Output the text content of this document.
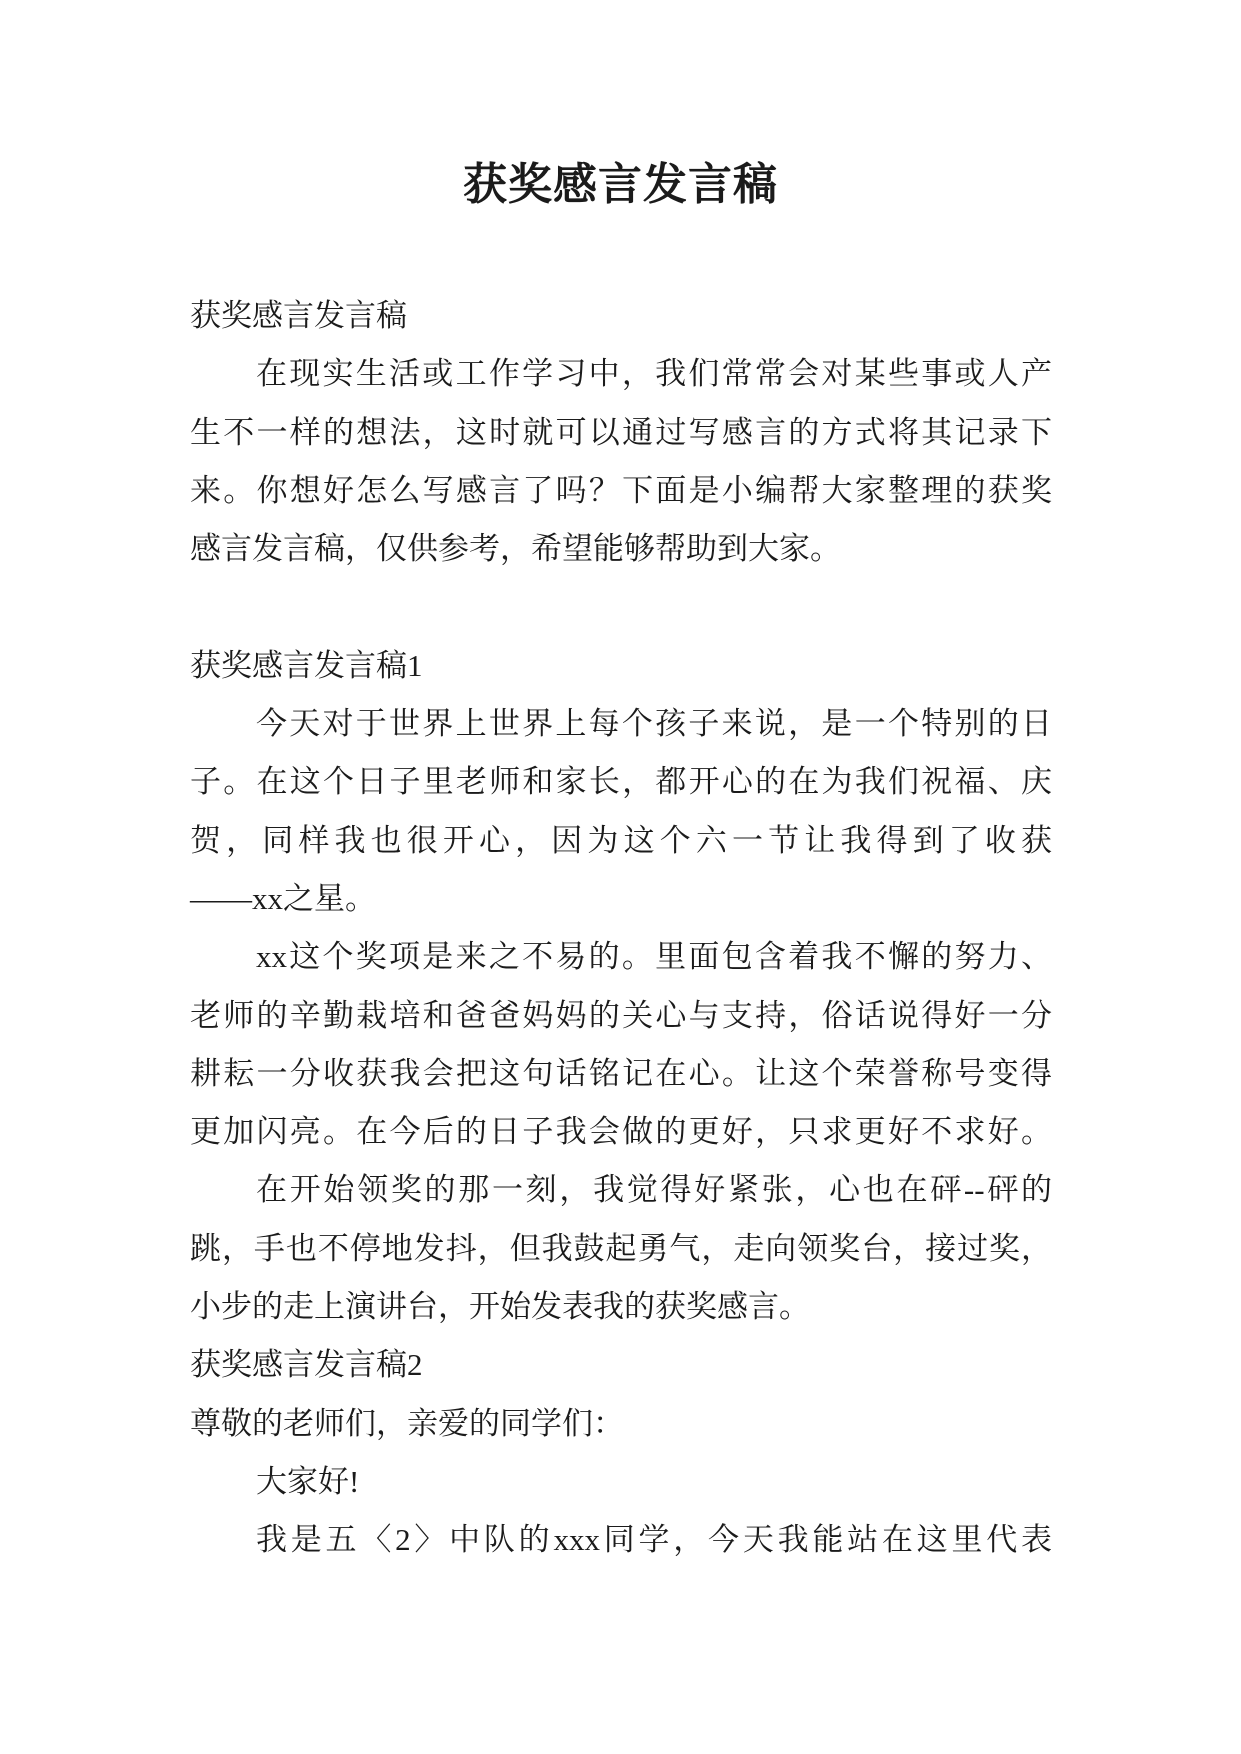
获奖感言发言稿
获奖感言发言稿
在现实生活或工作学习中，我们常常会对某些事或人产
生不一样的想法，这时就可以通过写感言的方式将其记录下
来。你想好怎么写感言了吗？下面是小编帮大家整理的获奖
感言发言稿，仅供参考，希望能够帮助到大家。
获奖感言发言稿1
今天对于世界上世界上每个孩子来说，是一个特别的日
子。在这个日子里老师和家长，都开心的在为我们祝福、庆
贺，同样我也很开心，因为这个六一节让我得到了收获
——xx之星。
xx这个奖项是来之不易的。里面包含着我不懈的努力、
老师的辛勤栽培和爸爸妈妈的关心与支持，俗话说得好一分
耕耘一分收获我会把这句话铭记在心。让这个荣誉称号变得
更加闪亮。在今后的日子我会做的更好，只求更好不求好。
在开始领奖的那一刻，我觉得好紧张，心也在砰--砰的
跳，手也不停地发抖，但我鼓起勇气，走向领奖台，接过奖，
小步的走上演讲台，开始发表我的获奖感言。
获奖感言发言稿2
尊敬的老师们，亲爱的同学们：
大家好!
我是五〈2〉中队的xxx同学，今天我能站在这里代表
